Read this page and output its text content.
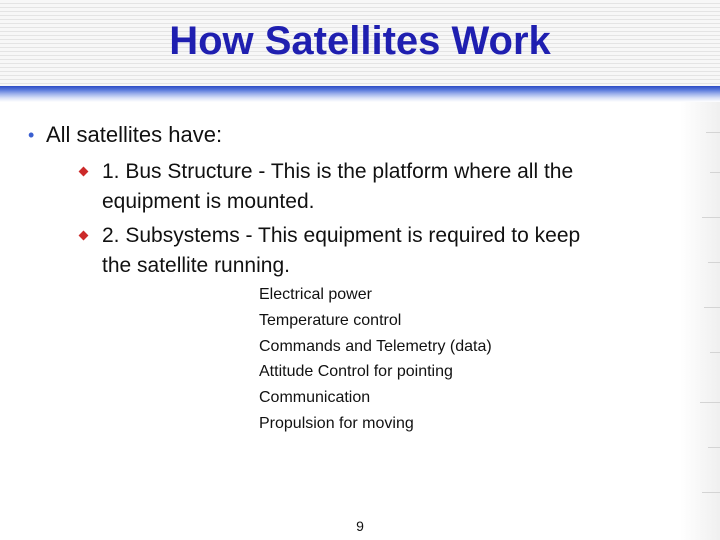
How Satellites Work
• All satellites have:
1. Bus Structure - This is the platform where all the
equipment is mounted.
2. Subsystems - This equipment is required to keep
the satellite running.
Electrical power
Temperature control
Commands and Telemetry (data)
Attitude Control for pointing
Communication
Propulsion for moving
9
